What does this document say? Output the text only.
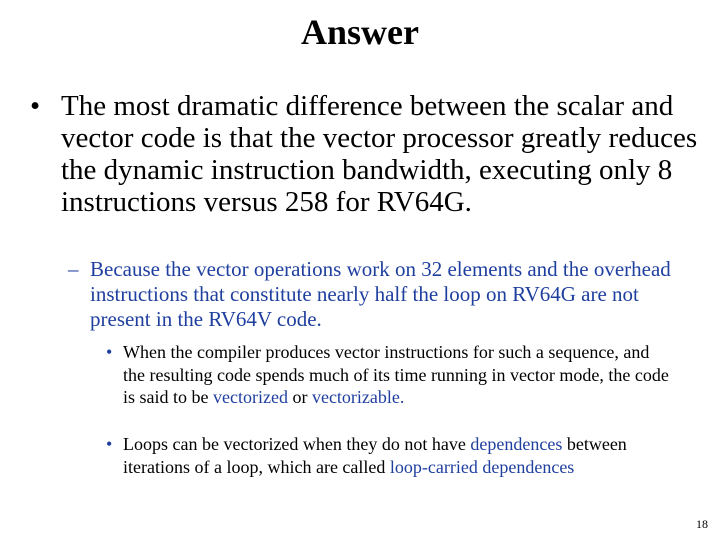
Answer
• The most dramatic difference between the scalar and vector code is that the vector processor greatly reduces the dynamic instruction bandwidth, executing only 8 instructions versus 258 for RV64G.
– Because the vector operations work on 32 elements and the overhead instructions that constitute nearly half the loop on RV64G are not present in the RV64V code.
• When the compiler produces vector instructions for such a sequence, and the resulting code spends much of its time running in vector mode, the code is said to be vectorized or vectorizable.
• Loops can be vectorized when they do not have dependences between iterations of a loop, which are called loop-carried dependences
18
